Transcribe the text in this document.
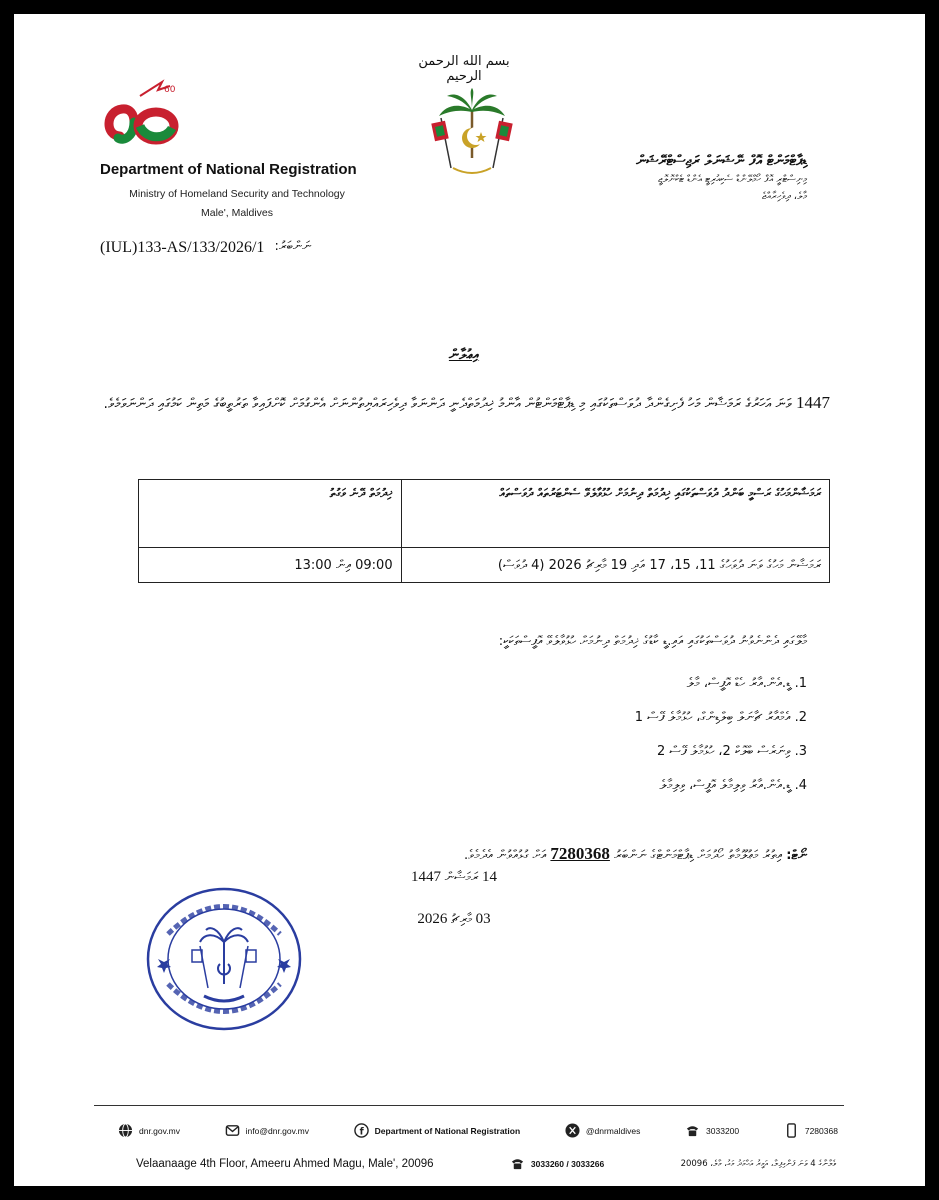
60
Department of National Registration
Ministry of Homeland Security and Technology
Male', Maldives
بسم الله الرحمن الرحيم
ޑިޕާޓްމަންޓް އޮފް ނޭޝަނަލް ރަޖިސްޓްރޭޝަން
މިނިސްޓްރީ އޮފް ހޯމްލޭންޑް ސެކިއުރިޓީ އެންޑް ޓެކްނޮލޮޖީ
މާލެ، ދިވެހިރާއްޖެ
(IUL)133-AS/133/2026/1 ނަންބަރު:
އިޢުލާން
1447 ވަނަ އަހަރުގެ ރަމަޟާން މަހު ފެށިގެންދާ ދުވަސްތަކުގައި މި ޑިޕާޓްމަންޓުން އާންމު ޚިދުމަތްދެނީ ދަންނަވާ ދިވެހިރައްޔިތުންނަށް އެންގުމަށް ކޮށްފައިވާ ތަރުތީބުގެ މަތިން ކަމުގައި ދަންނަވަމެވެ.
ރަމަޟާންމަހުގެ ރަސްމީ ބަންދު ދުވަސްތަކުގައި ޚިދުމަތް ދިނުމަށް ހުޅުވާލެވޭ ސެންޓަރުތައް ދުވަސްތައް	ޚިދުމަތް ދޭނެ ވަގުތު
ރަމަޟާން މަހުގެ ވަނަ ދުވަހުގެ 11، 15، 17 އަދި 19 މާރިޗު 2026 (4 ދުވަސް)	09:00 އިން 13:00
މާލޭގައި ދެންނެވުނު ދުވަސްތަކުގައި އައި.ޑީ ކާޑުގެ ޚިދުމަތް ދިނުމަށް ހުޅުވާލެވޭ އޮފީސްތަކަކީ:
1. ޑީ.އެން.އާރު ހެޑް އޮފީސް، މާލެ
2. އެމްއާރު ޗާނަލް ބިލްޑިންގް، ހުޅުމާލެ ފޭސް 1
3. ވިނަރެސް ބްލޮކް 2، ހުޅުމާލެ ފޭސް 2
4. ޑީ.އެން.އާރު ވިލިމާލެ އޮފީސް، ވިލިމާލެ
ނޯޓް: އިތުރު މަޢުލޫމާތު ހޯދުމަށް ޑިޕާޓްމަންޓްގެ ނަންބަރު 7280368 އަށް ގުޅުއްވުން އެދެމެވެ.
14 ރަމަޟާން 1447
03 މާރިޗު 2026
dnr.gov.mv	info@dnr.gov.mv	f Department of National Registration	@dnrmaldives	3033200	7280368
Velaanaage 4th Floor, Ameeru Ahmed Magu, Male', 20096	3033260 / 3033266	ވެލާނާގެ 4 ވަނަ ފަންގިފިލާ، އަމީރު އަޙްމަދު މަގު، މާލެ، 20096
